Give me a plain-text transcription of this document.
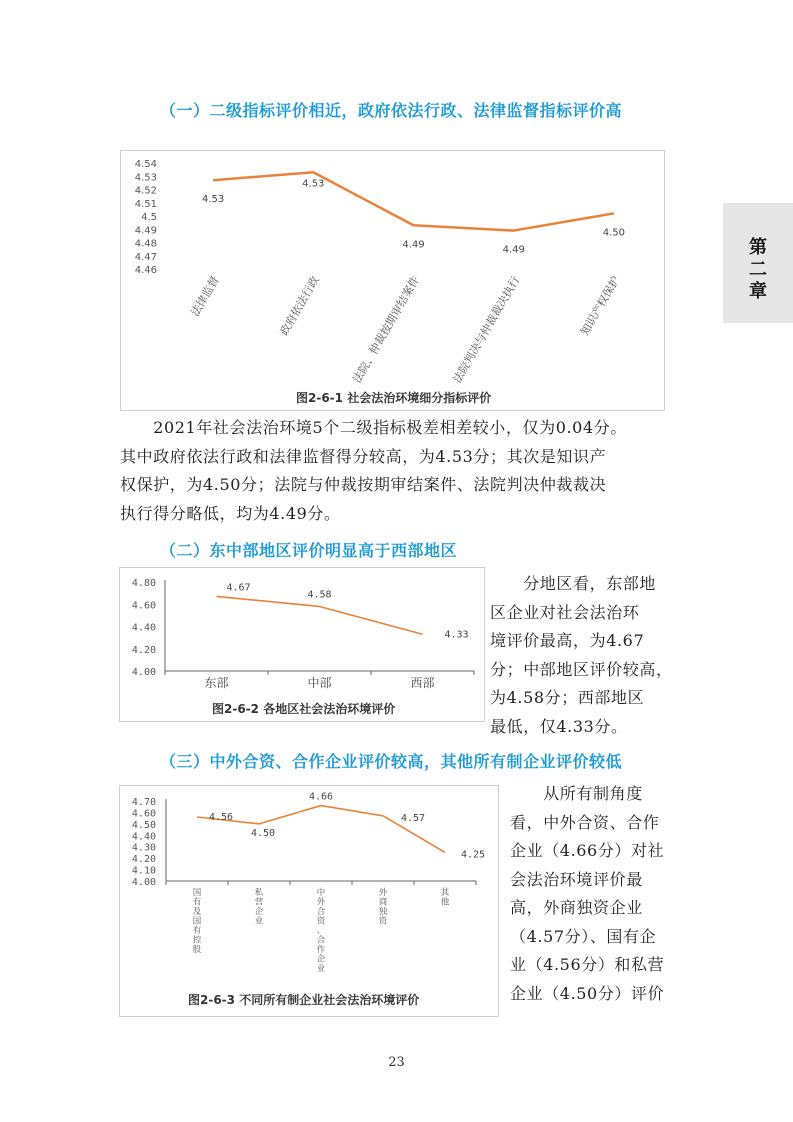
第
二
章
（一）二级指标评价相近，政府依法行政、法律监督指标评价高
4.54
4.53
4.52
4.51
4.5
4.49
4.48
4.47
4.46
4.53
4.53
4.49	4.49
4.50
法律监督	政府依法行政	法院、仲裁按期审结案件	法院判决与仲裁裁决执行	知识产权保护
图2-6-1 社会法治环境细分指标评价
　　2021年社会法治环境5个二级指标极差相差较小，仅为0.04分。
其中政府依法行政和法律监督得分较高，为4.53分；其次是知识产
权保护，为4.50分；法院与仲裁按期审结案件、法院判决仲裁裁决
执行得分略低，均为4.49分。
（二）东中部地区评价明显高于西部地区
4.80
4.60
4.40
4.20
4.00
4.67
4.58
4.33
东部	中部	西部
图2-6-2 各地区社会法治环境评价
　　分地区看，东部地
区企业对社会法治环
境评价最高，为4.67
分；中部地区评价较高，
为4.58分；西部地区
最低，仅4.33分。
（三）中外合资、合作企业评价较高，其他所有制企业评价较低
4.70
4.60
4.50
4.40
4.30
4.20
4.10
4.00
4.56
4.50
4.66
4.57
4.25
国
有
及
国
有
控
股
私
营
企
业
中
外
合
资
、
合
作
企
业
外
商
独
资
其
他
图2-6-3 不同所有制企业社会法治环境评价
　　从所有制角度
看，中外合资、合作
企业（4.66分）对社
会法治环境评价最
高，外商独资企业
（4.57分）、国有企
业（4.56分）和私营
企业（4.50分）评价
23
